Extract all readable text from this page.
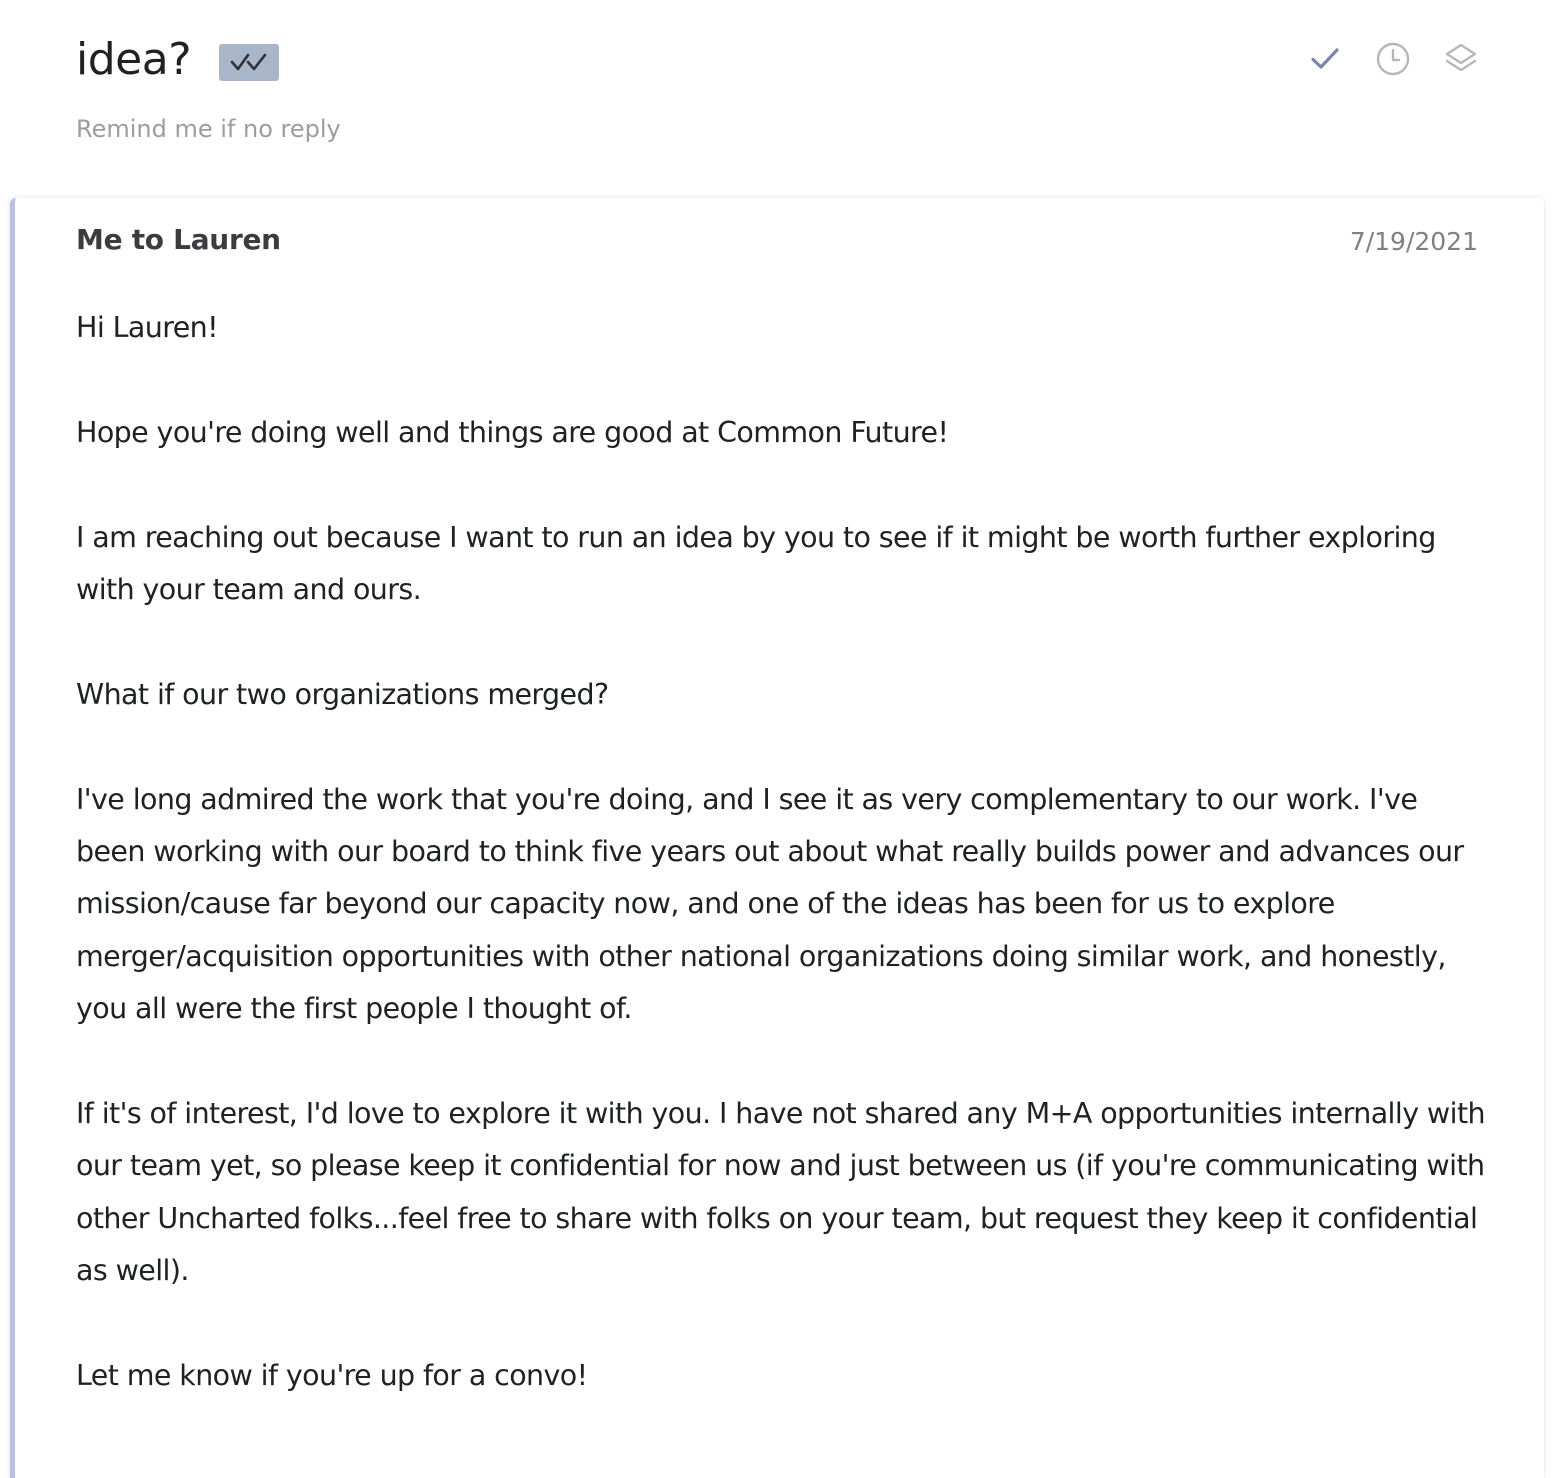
idea?
Remind me if no reply
Me to Lauren	7/19/2021

Hi Lauren!

Hope you're doing well and things are good at Common Future!

I am reaching out because I want to run an idea by you to see if it might be worth further exploring with your team and ours.

What if our two organizations merged?

I've long admired the work that you're doing, and I see it as very complementary to our work. I've been working with our board to think five years out about what really builds power and advances our mission/cause far beyond our capacity now, and one of the ideas has been for us to explore merger/acquisition opportunities with other national organizations doing similar work, and honestly, you all were the first people I thought of.

If it's of interest, I'd love to explore it with you. I have not shared any M+A opportunities internally with our team yet, so please keep it confidential for now and just between us (if you're communicating with other Uncharted folks...feel free to share with folks on your team, but request they keep it confidential as well).

Let me know if you're up for a convo!
